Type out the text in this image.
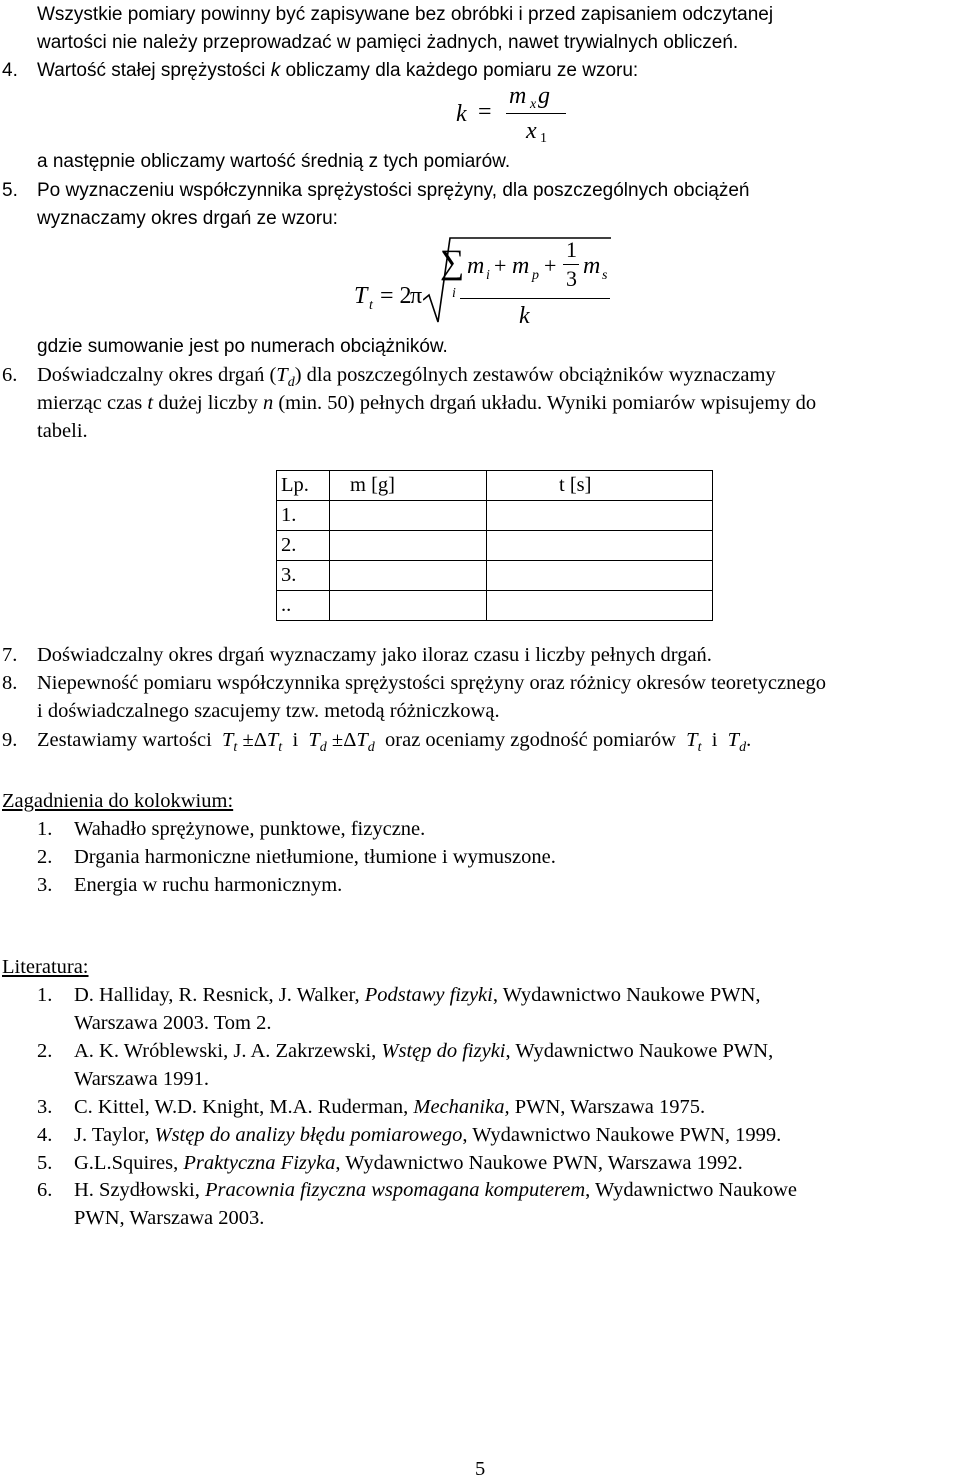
Wszystkie pomiary powinny być zapisywane bez obróbki i przed zapisaniem odczytanej
wartości nie należy przeprowadzać w pamięci żadnych, nawet trywialnych obliczeń.
4. Wartość stałej sprężystości k obliczamy dla każdego pomiaru ze wzoru:
k =
m x g
x 1
a następnie obliczamy wartość średnią z tych pomiarów.
5. Po wyznaczeniu współczynnika sprężystości sprężyny, dla poszczególnych obciążeń
wyznaczamy okres drgań ze wzoru:
T t = 2
π
∑
i
m i + m p +
1
3 m s
k
gdzie sumowanie jest po numerach obciążników.
6. Doświadczalny okres drgań $(T_d)$ dla poszczególnych zestawów obciążników wyznaczamy
mierząc czas t dużej liczby n (min. 50) pełnych drgań układu. Wyniki pomiarów wpisujemy do
tabeli.
Lp.	m [g]	t [s]
1.		
2.		
3.		
..		
7. Doświadczalny okres drgań wyznaczamy jako iloraz czasu i liczby pełnych drgań.
8. Niepewność pomiaru współczynnika sprężystości sprężyny oraz różnicy okresów teoretycznego
i doświadczalnego szacujemy tzw. metodą różniczkową.
9. Zestawiamy wartości $T_t \pm\Delta T_t$ i $T_d \pm\Delta T_d$ oraz oceniamy zgodność pomiarów $T_t$ i $T_d$.
Zagadnienia do kolokwium:
1. Wahadło sprężynowe, punktowe, fizyczne.
2. Drgania harmoniczne nietłumione, tłumione i wymuszone.
3. Energia w ruchu harmonicznym.
Literatura:
1. D. Halliday, R. Resnick, J. Walker, Podstawy fizyki, Wydawnictwo Naukowe PWN,
Warszawa 2003. Tom 2.
2. A. K. Wróblewski, J. A. Zakrzewski, Wstęp do fizyki, Wydawnictwo Naukowe PWN,
Warszawa 1991.
3. C. Kittel, W.D. Knight, M.A. Ruderman, Mechanika, PWN, Warszawa 1975.
4. J. Taylor, Wstęp do analizy błędu pomiarowego, Wydawnictwo Naukowe PWN, 1999.
5. G.L.Squires, Praktyczna Fizyka, Wydawnictwo Naukowe PWN, Warszawa 1992.
6. H. Szydłowski, Pracownia fizyczna wspomagana komputerem, Wydawnictwo Naukowe
PWN, Warszawa 2003.
5
